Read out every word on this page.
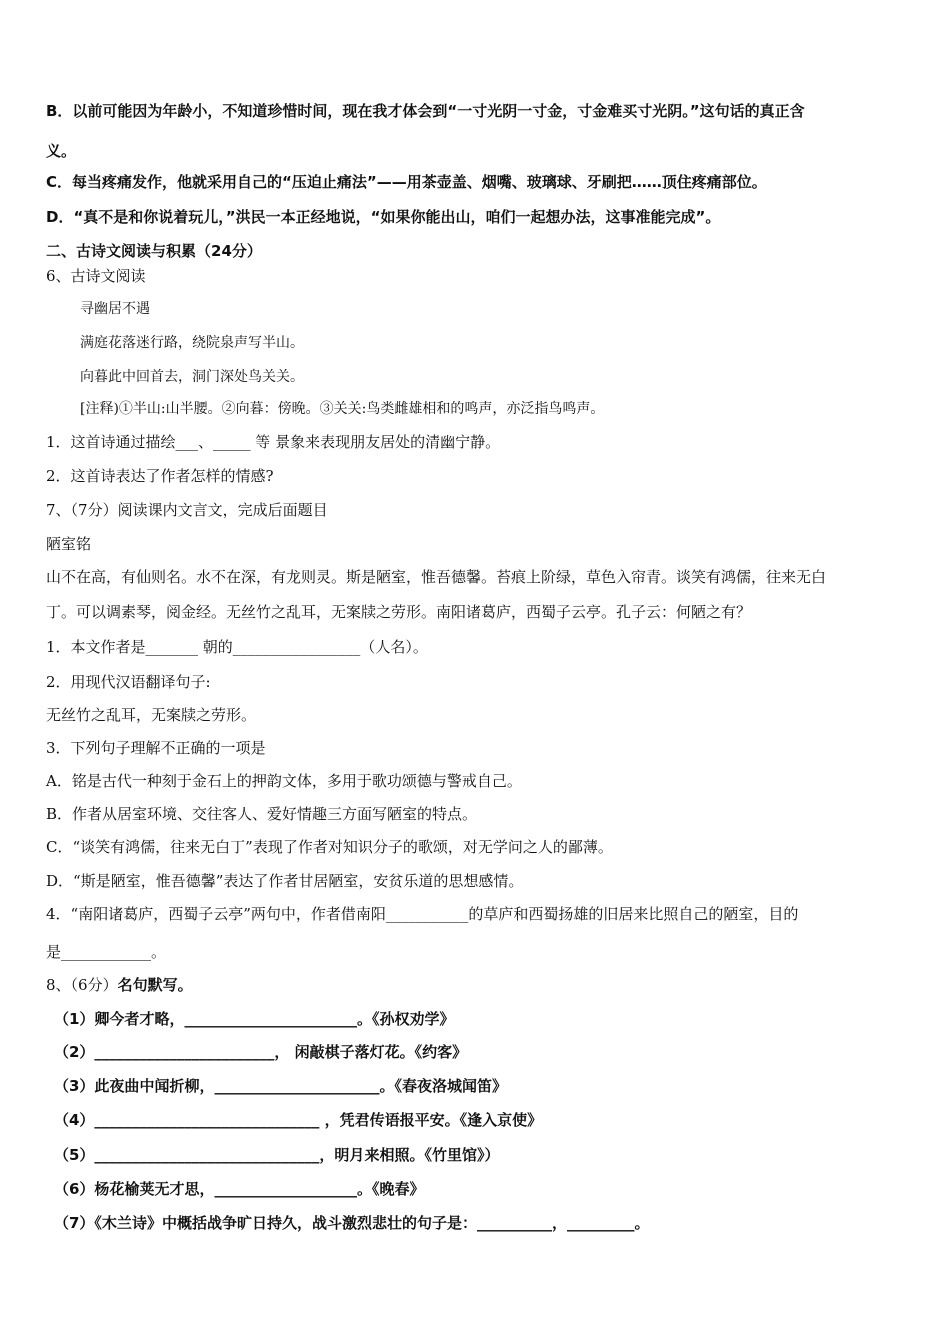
B．以前可能因为年龄小，不知道珍惜时间，现在我才体会到“一寸光阴一寸金，寸金难买寸光阴。”这句话的真正含
义。
C．每当疼痛发作，他就采用自己的“压迫止痛法”——用茶壶盖、烟嘴、玻璃球、牙刷把……顶住疼痛部位。
D．“真不是和你说着玩儿，”洪民一本正经地说，“如果你能出山，咱们一起想办法，这事准能完成”。
二、古诗文阅读与积累（24分）
6、古诗文阅读
寻幽居不遇
满庭花落迷行路，绕院泉声写半山。
向暮此中回首去，洞门深处鸟关关。
[注释)①半山:山半腰。②向暮：傍晚。③关关:鸟类雌雄相和的鸣声，亦泛指鸟鸣声。
1．这首诗通过描绘___、_____ 等 景象来表现朋友居处的清幽宁静。
2．这首诗表达了作者怎样的情感?
7、（7分）阅读课内文言文，完成后面题目
陋室铭
山不在高，有仙则名。水不在深，有龙则灵。斯是陋室，惟吾德馨。苔痕上阶绿，草色入帘青。谈笑有鸿儒，往来无白
丁。可以调素琴，阅金经。无丝竹之乱耳，无案牍之劳形。南阳诸葛庐，西蜀子云亭。孔子云：何陋之有？
1．本文作者是_______ 朝的_________________（人名）。
2．用现代汉语翻译句子:
无丝竹之乱耳，无案牍之劳形。
3．下列句子理解不正确的一项是
A．铭是古代一种刻于金石上的押韵文体，多用于歌功颂德与警戒自己。
B．作者从居室环境、交往客人、爱好情趣三方面写陋室的特点。
C．“谈笑有鸿儒，往来无白丁”表现了作者对知识分子的歌颂，对无学问之人的鄙薄。
D．“斯是陋室，惟吾德馨”表达了作者甘居陋室，安贫乐道的思想感情。
4．“南阳诸葛庐，西蜀子云亭”两句中，作者借南阳___________的草庐和西蜀扬雄的旧居来比照自己的陋室，目的
是____________。
8、（6分）名句默写。
（1）卿今者才略，_______________________。《孙权劝学》
（2）________________________， 闲敲棋子落灯花。《约客》
（3）此夜曲中闻折柳，______________________。《春夜洛城闻笛》
（4）______________________________ ，凭君传语报平安。《逢入京使》
（5）______________________________，明月来相照。《竹里馆》）
（6）杨花榆荚无才思，___________________。《晚春》
（7）《木兰诗》中概括战争旷日持久，战斗激烈悲壮的句子是：__________，_________。
